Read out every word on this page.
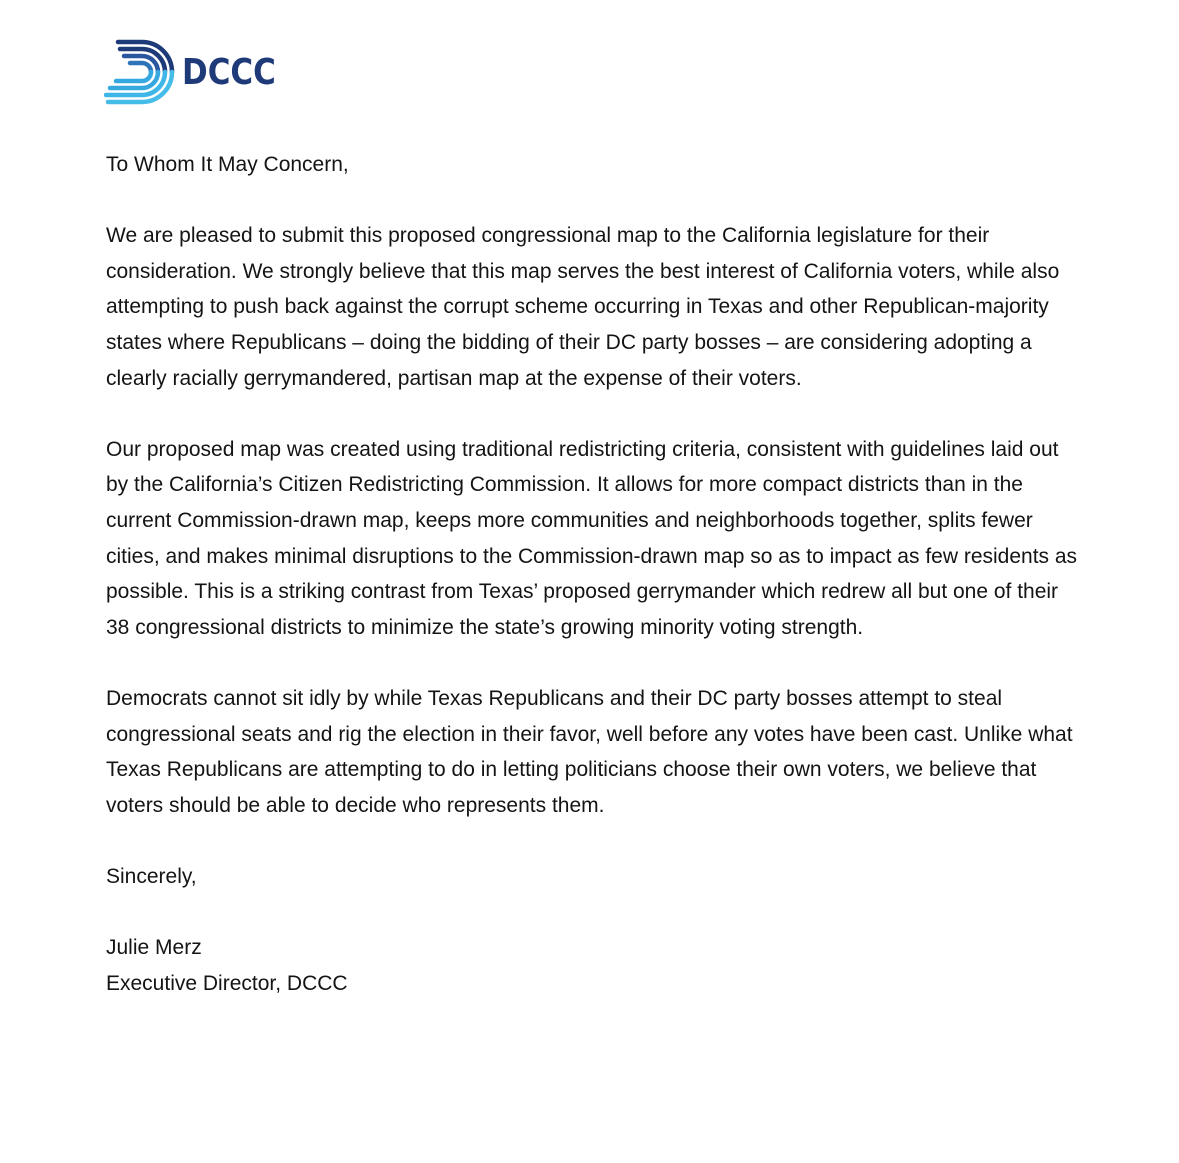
DCCC

To Whom It May Concern,

We are pleased to submit this proposed congressional map to the California legislature for their consideration. We strongly believe that this map serves the best interest of California voters, while also attempting to push back against the corrupt scheme occurring in Texas and other Republican-majority states where Republicans – doing the bidding of their DC party bosses – are considering adopting a clearly racially gerrymandered, partisan map at the expense of their voters.

Our proposed map was created using traditional redistricting criteria, consistent with guidelines laid out by the California’s Citizen Redistricting Commission. It allows for more compact districts than in the current Commission-drawn map, keeps more communities and neighborhoods together, splits fewer cities, and makes minimal disruptions to the Commission-drawn map so as to impact as few residents as possible. This is a striking contrast from Texas’ proposed gerrymander which redrew all but one of their 38 congressional districts to minimize the state’s growing minority voting strength.

Democrats cannot sit idly by while Texas Republicans and their DC party bosses attempt to steal congressional seats and rig the election in their favor, well before any votes have been cast. Unlike what Texas Republicans are attempting to do in letting politicians choose their own voters, we believe that voters should be able to decide who represents them.

Sincerely,

Julie Merz

Executive Director, DCCC
